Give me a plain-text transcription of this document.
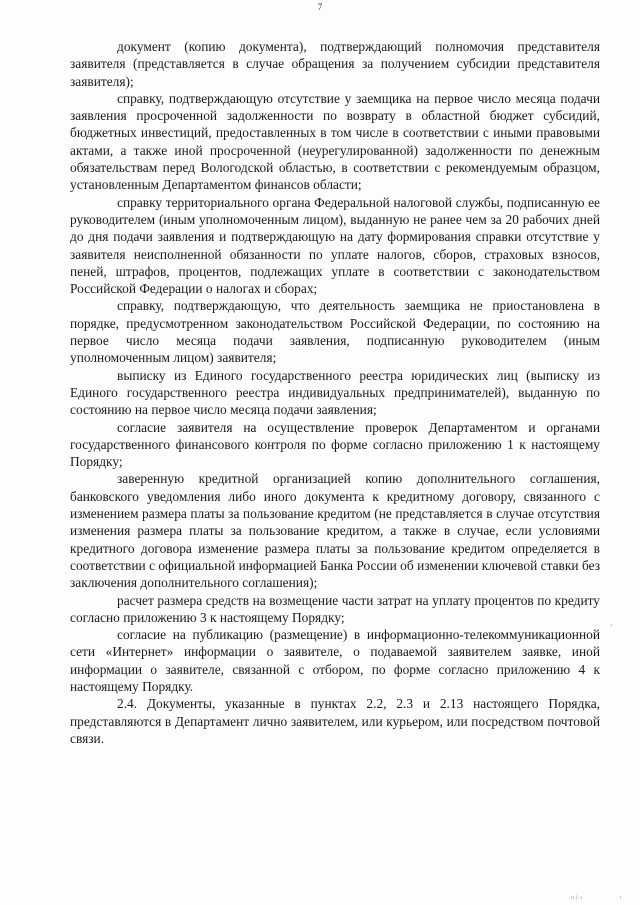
7

документ (копию документа), подтверждающий полномочия представителя заявителя (представляется в случае обращения за получением субсидии представителя заявителя);

справку, подтверждающую отсутствие у заемщика на первое число месяца подачи заявления просроченной задолженности по возврату в областной бюджет субсидий, бюджетных инвестиций, предоставленных в том числе в соответствии с иными правовыми актами, а также иной просроченной (неурегулированной) задолженности по денежным обязательствам перед Вологодской областью, в соответствии с рекомендуемым образцом, установленным Департаментом финансов области;

справку территориального органа Федеральной налоговой службы, подписанную ее руководителем (иным уполномоченным лицом), выданную не ранее чем за 20 рабочих дней до дня подачи заявления и подтверждающую на дату формирования справки отсутствие у заявителя неисполненной обязанности по уплате налогов, сборов, страховых взносов, пеней, штрафов, процентов, подлежащих уплате в соответствии с законодательством Российской Федерации о налогах и сборах;

справку, подтверждающую, что деятельность заемщика не приостановлена в порядке, предусмотренном законодательством Российской Федерации, по состоянию на первое число месяца подачи заявления, подписанную руководителем (иным уполномоченным лицом) заявителя;

выписку из Единого государственного реестра юридических лиц (выписку из Единого государственного реестра индивидуальных предпринимателей), выданную по состоянию на первое число месяца подачи заявления;

согласие заявителя на осуществление проверок Департаментом и органами государственного финансового контроля по форме согласно приложению 1 к настоящему Порядку;

заверенную кредитной организацией копию дополнительного соглашения, банковского уведомления либо иного документа к кредитному договору, связанного с изменением размера платы за пользование кредитом (не представляется в случае отсутствия изменения размера платы за пользование кредитом, а также в случае, если условиями кредитного договора изменение размера платы за пользование кредитом определяется в соответствии с официальной информацией Банка России об изменении ключевой ставки без заключения дополнительного соглашения);

расчет размера средств на возмещение части затрат на уплату процентов по кредиту согласно приложению 3 к настоящему Порядку;

согласие на публикацию (размещение) в информационно-телекоммуникационной сети «Интернет» информации о заявителе, о подаваемой заявителем заявке, иной информации о заявителе, связанной с отбором, по форме согласно приложению 4 к настоящему Порядку.

2.4. Документы, указанные в пунктах 2.2, 2.3 и 2.13 настоящего Порядка, представляются в Департамент лично заявителем, или курьером, или посредством почтовой связи.

·
·ıı|·ı	ı
